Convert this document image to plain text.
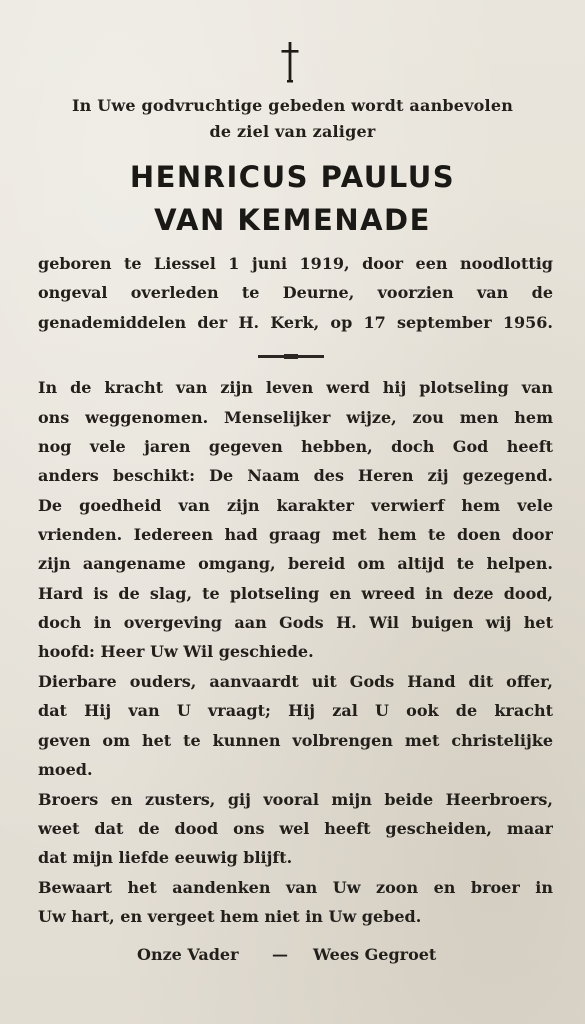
In Uwe godvruchtige gebeden wordt aanbevolen
de ziel van zaliger
HENRICUS PAULUS
VAN KEMENADE
geboren te Liessel 1 juni 1919, door een noodlottig
ongeval overleden te Deurne, voorzien van de
genademiddelen der H. Kerk, op 17 september 1956.
In de kracht van zijn leven werd hij plotseling van
ons weggenomen. Menselijker wijze, zou men hem
nog vele jaren gegeven hebben, doch God heeft
anders beschikt: De Naam des Heren zij gezegend.
De goedheid van zijn karakter verwierf hem vele
vrienden. Iedereen had graag met hem te doen door
zijn aangename omgang, bereid om altijd te helpen.
Hard is de slag, te plotseling en wreed in deze dood,
doch in overgeving aan Gods H. Wil buigen wij het
hoofd: Heer Uw Wil geschiede.
Dierbare ouders, aanvaardt uit Gods Hand dit offer,
dat Hij van U vraagt; Hij zal U ook de kracht
geven om het te kunnen volbrengen met christelijke
moed.
Broers en zusters, gij vooral mijn beide Heerbroers,
weet dat de dood ons wel heeft gescheiden, maar
dat mijn liefde eeuwig blijft.
Bewaart het aandenken van Uw zoon en broer in
Uw hart, en vergeet hem niet in Uw gebed.
Onze Vader — Wees Gegroet
